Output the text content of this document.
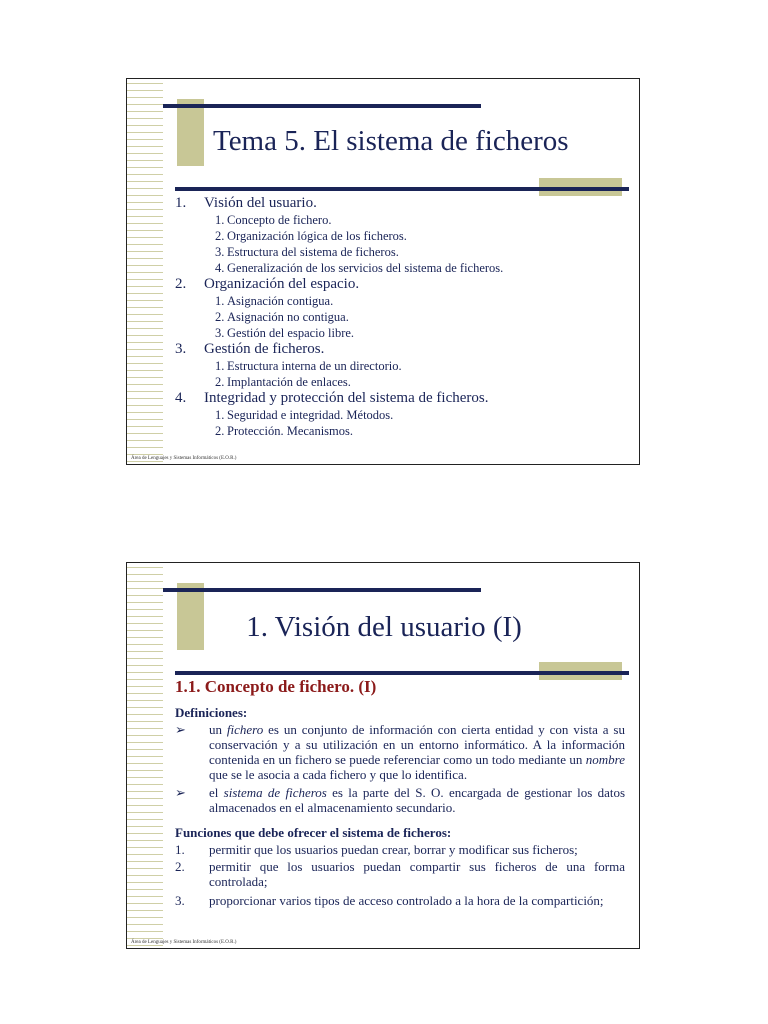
Tema 5. El sistema de ficheros
1. Visión del usuario.
1. Concepto de fichero.
2. Organización lógica de los ficheros.
3. Estructura del sistema de ficheros.
4. Generalización de los servicios del sistema de ficheros.
2. Organización del espacio.
1. Asignación contigua.
2. Asignación no contigua.
3. Gestión del espacio libre.
3. Gestión de ficheros.
1. Estructura interna de un directorio.
2. Implantación de enlaces.
4. Integridad y protección del sistema de ficheros.
1. Seguridad e integridad. Métodos.
2. Protección. Mecanismos.
Área de Lenguajes y Sistemas Informáticos (E.O.R.)
1. Visión del usuario (I)
1.1. Concepto de fichero. (I)
Definiciones:
➢	un fichero es un conjunto de información con cierta entidad y con vista a su conservación y a su utilización en un entorno informático. A la información contenida en un fichero se puede referenciar como un todo mediante un nombre que se le asocia a cada fichero y que lo identifica.
➢	el sistema de ficheros es la parte del S. O. encargada de gestionar los datos almacenados en el almacenamiento secundario.
Funciones que debe ofrecer el sistema de ficheros:
1.	permitir que los usuarios puedan crear, borrar y modificar sus ficheros;
2.	permitir que los usuarios puedan compartir sus ficheros de una forma controlada;
3.	proporcionar varios tipos de acceso controlado a la hora de la compartición;
Área de Lenguajes y Sistemas Informáticos (E.O.R.)
